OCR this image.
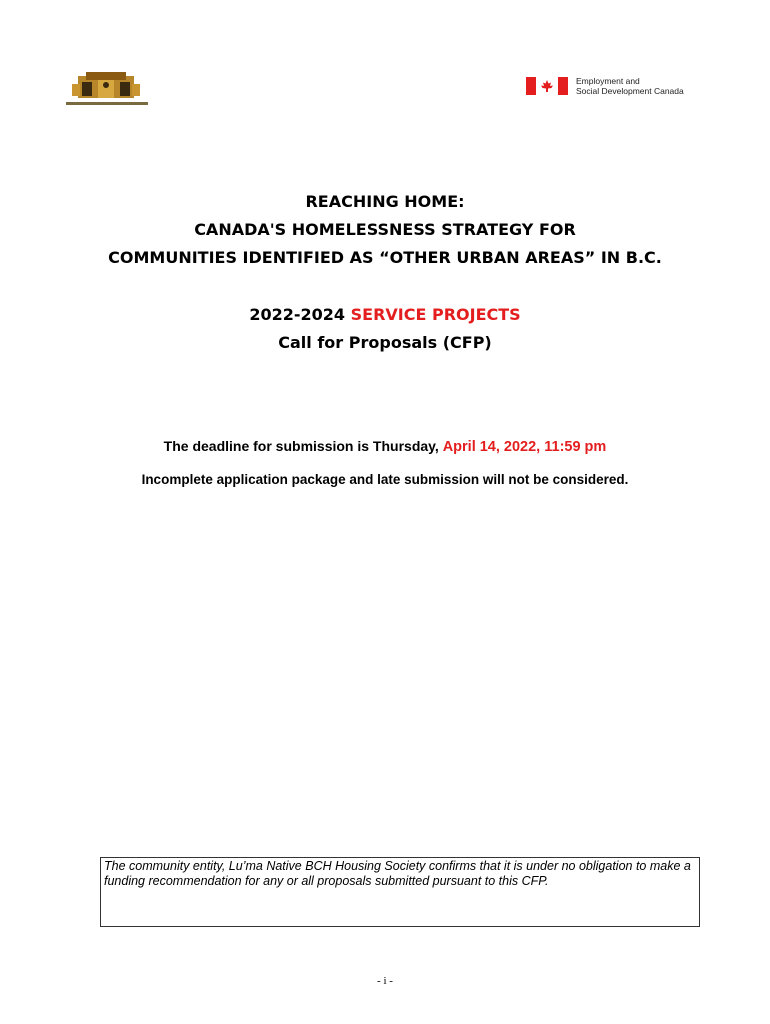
Employment and
Social Development Canada
REACHING HOME:
CANADA'S HOMELESSNESS STRATEGY FOR
COMMUNITIES IDENTIFIED AS “OTHER URBAN AREAS” IN B.C.
2022-2024 SERVICE PROJECTS
Call for Proposals (CFP)
The deadline for submission is Thursday, April 14, 2022, 11:59 pm
Incomplete application package and late submission will not be considered.
The community entity, Lu’ma Native BCH Housing Society confirms that it is under no obligation to make a funding recommendation for any or all proposals submitted pursuant to this CFP.
- i -
